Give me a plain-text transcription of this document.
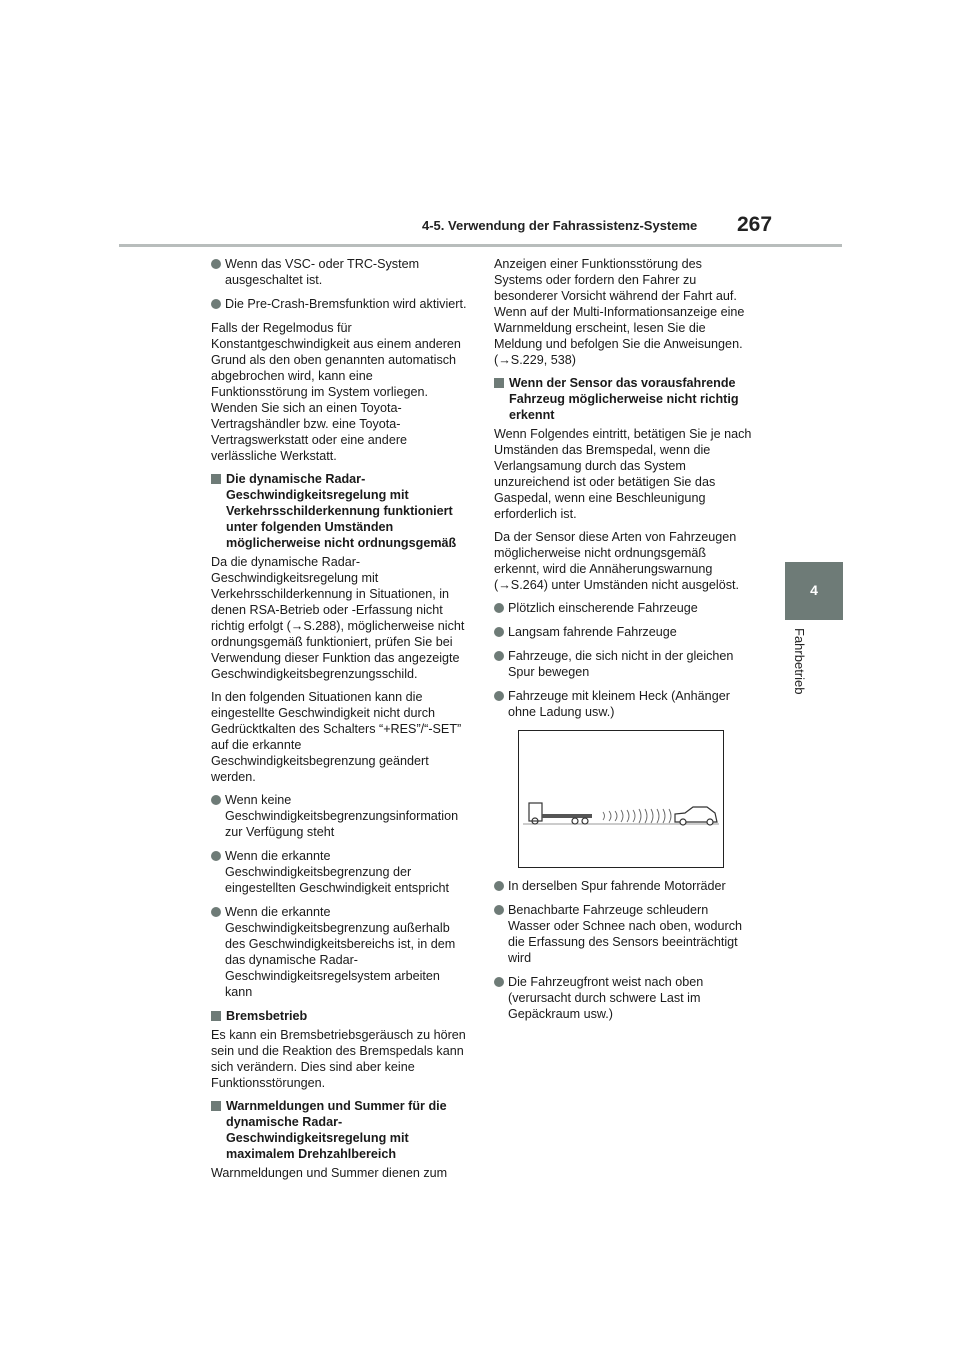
4-5. Verwendung der Fahrassistenz-Systeme 267
4
Fahrbetrieb
Wenn das VSC- oder TRC-System ausgeschaltet ist.
Die Pre-Crash-Bremsfunktion wird aktiviert.

Falls der Regelmodus für Konstantgeschwindigkeit aus einem anderen Grund als den oben genannten automatisch abgebrochen wird, kann eine Funktionsstörung im System vorliegen. Wenden Sie sich an einen Toyota-Vertragshändler bzw. eine Toyota-Vertragswerkstatt oder eine andere verlässliche Werkstatt.

Die dynamische Radar-Geschwindigkeitsregelung mit Verkehrsschilderkennung funktioniert unter folgenden Umständen möglicherweise nicht ordnungsgemäß

Da die dynamische Radar-Geschwindigkeitsregelung mit Verkehrsschilderkennung in Situationen, in denen RSA-Betrieb oder -Erfassung nicht richtig erfolgt (→S.288), möglicherweise nicht ordnungsgemäß funktioniert, prüfen Sie bei Verwendung dieser Funktion das angezeigte Geschwindigkeitsbegrenzungsschild.

In den folgenden Situationen kann die eingestellte Geschwindigkeit nicht durch Gedrücktkalten des Schalters “+RES”/“-SET” auf die erkannte Geschwindigkeitsbegrenzung geändert werden.

Wenn keine Geschwindigkeitsbegrenzungsinformation zur Verfügung steht
Wenn die erkannte Geschwindigkeitsbegrenzung der eingestellten Geschwindigkeit entspricht
Wenn die erkannte Geschwindigkeitsbegrenzung außerhalb des Geschwindigkeitsbereichs ist, in dem das dynamische Radar-Geschwindigkeitsregelsystem arbeiten kann
Bremsbetrieb

Es kann ein Bremsbetriebsgeräusch zu hören sein und die Reaktion des Bremspedals kann sich verändern. Dies sind aber keine Funktionsstörungen.

Warnmeldungen und Summer für die dynamische Radar-Geschwindigkeitsregelung mit maximalem Drehzahlbereich

Warnmeldungen und Summer dienen zum

Anzeigen einer Funktionsstörung des Systems oder fordern den Fahrer zu besonderer Vorsicht während der Fahrt auf. Wenn auf der Multi-Informationsanzeige eine Warnmeldung erscheint, lesen Sie die Meldung und befolgen Sie die Anweisungen. (→S.229, 538)

Wenn der Sensor das vorausfahrende Fahrzeug möglicherweise nicht richtig erkennt

Wenn Folgendes eintritt, betätigen Sie je nach Umständen das Bremspedal, wenn die Verlangsamung durch das System unzureichend ist oder betätigen Sie das Gaspedal, wenn eine Beschleunigung erforderlich ist.

Da der Sensor diese Arten von Fahrzeugen möglicherweise nicht ordnungsgemäß erkennt, wird die Annäherungswarnung (→S.264) unter Umständen nicht ausgelöst.

Plötzlich einscherende Fahrzeuge
Langsam fahrende Fahrzeuge
Fahrzeuge, die sich nicht in der gleichen Spur bewegen
Fahrzeuge mit kleinem Heck (Anhänger ohne Ladung usw.)
In derselben Spur fahrende Motorräder
Benachbarte Fahrzeuge schleudern Wasser oder Schnee nach oben, wodurch die Erfassung des Sensors beeinträchtigt wird
Die Fahrzeugfront weist nach oben (verursacht durch schwere Last im Gepäckraum usw.)
